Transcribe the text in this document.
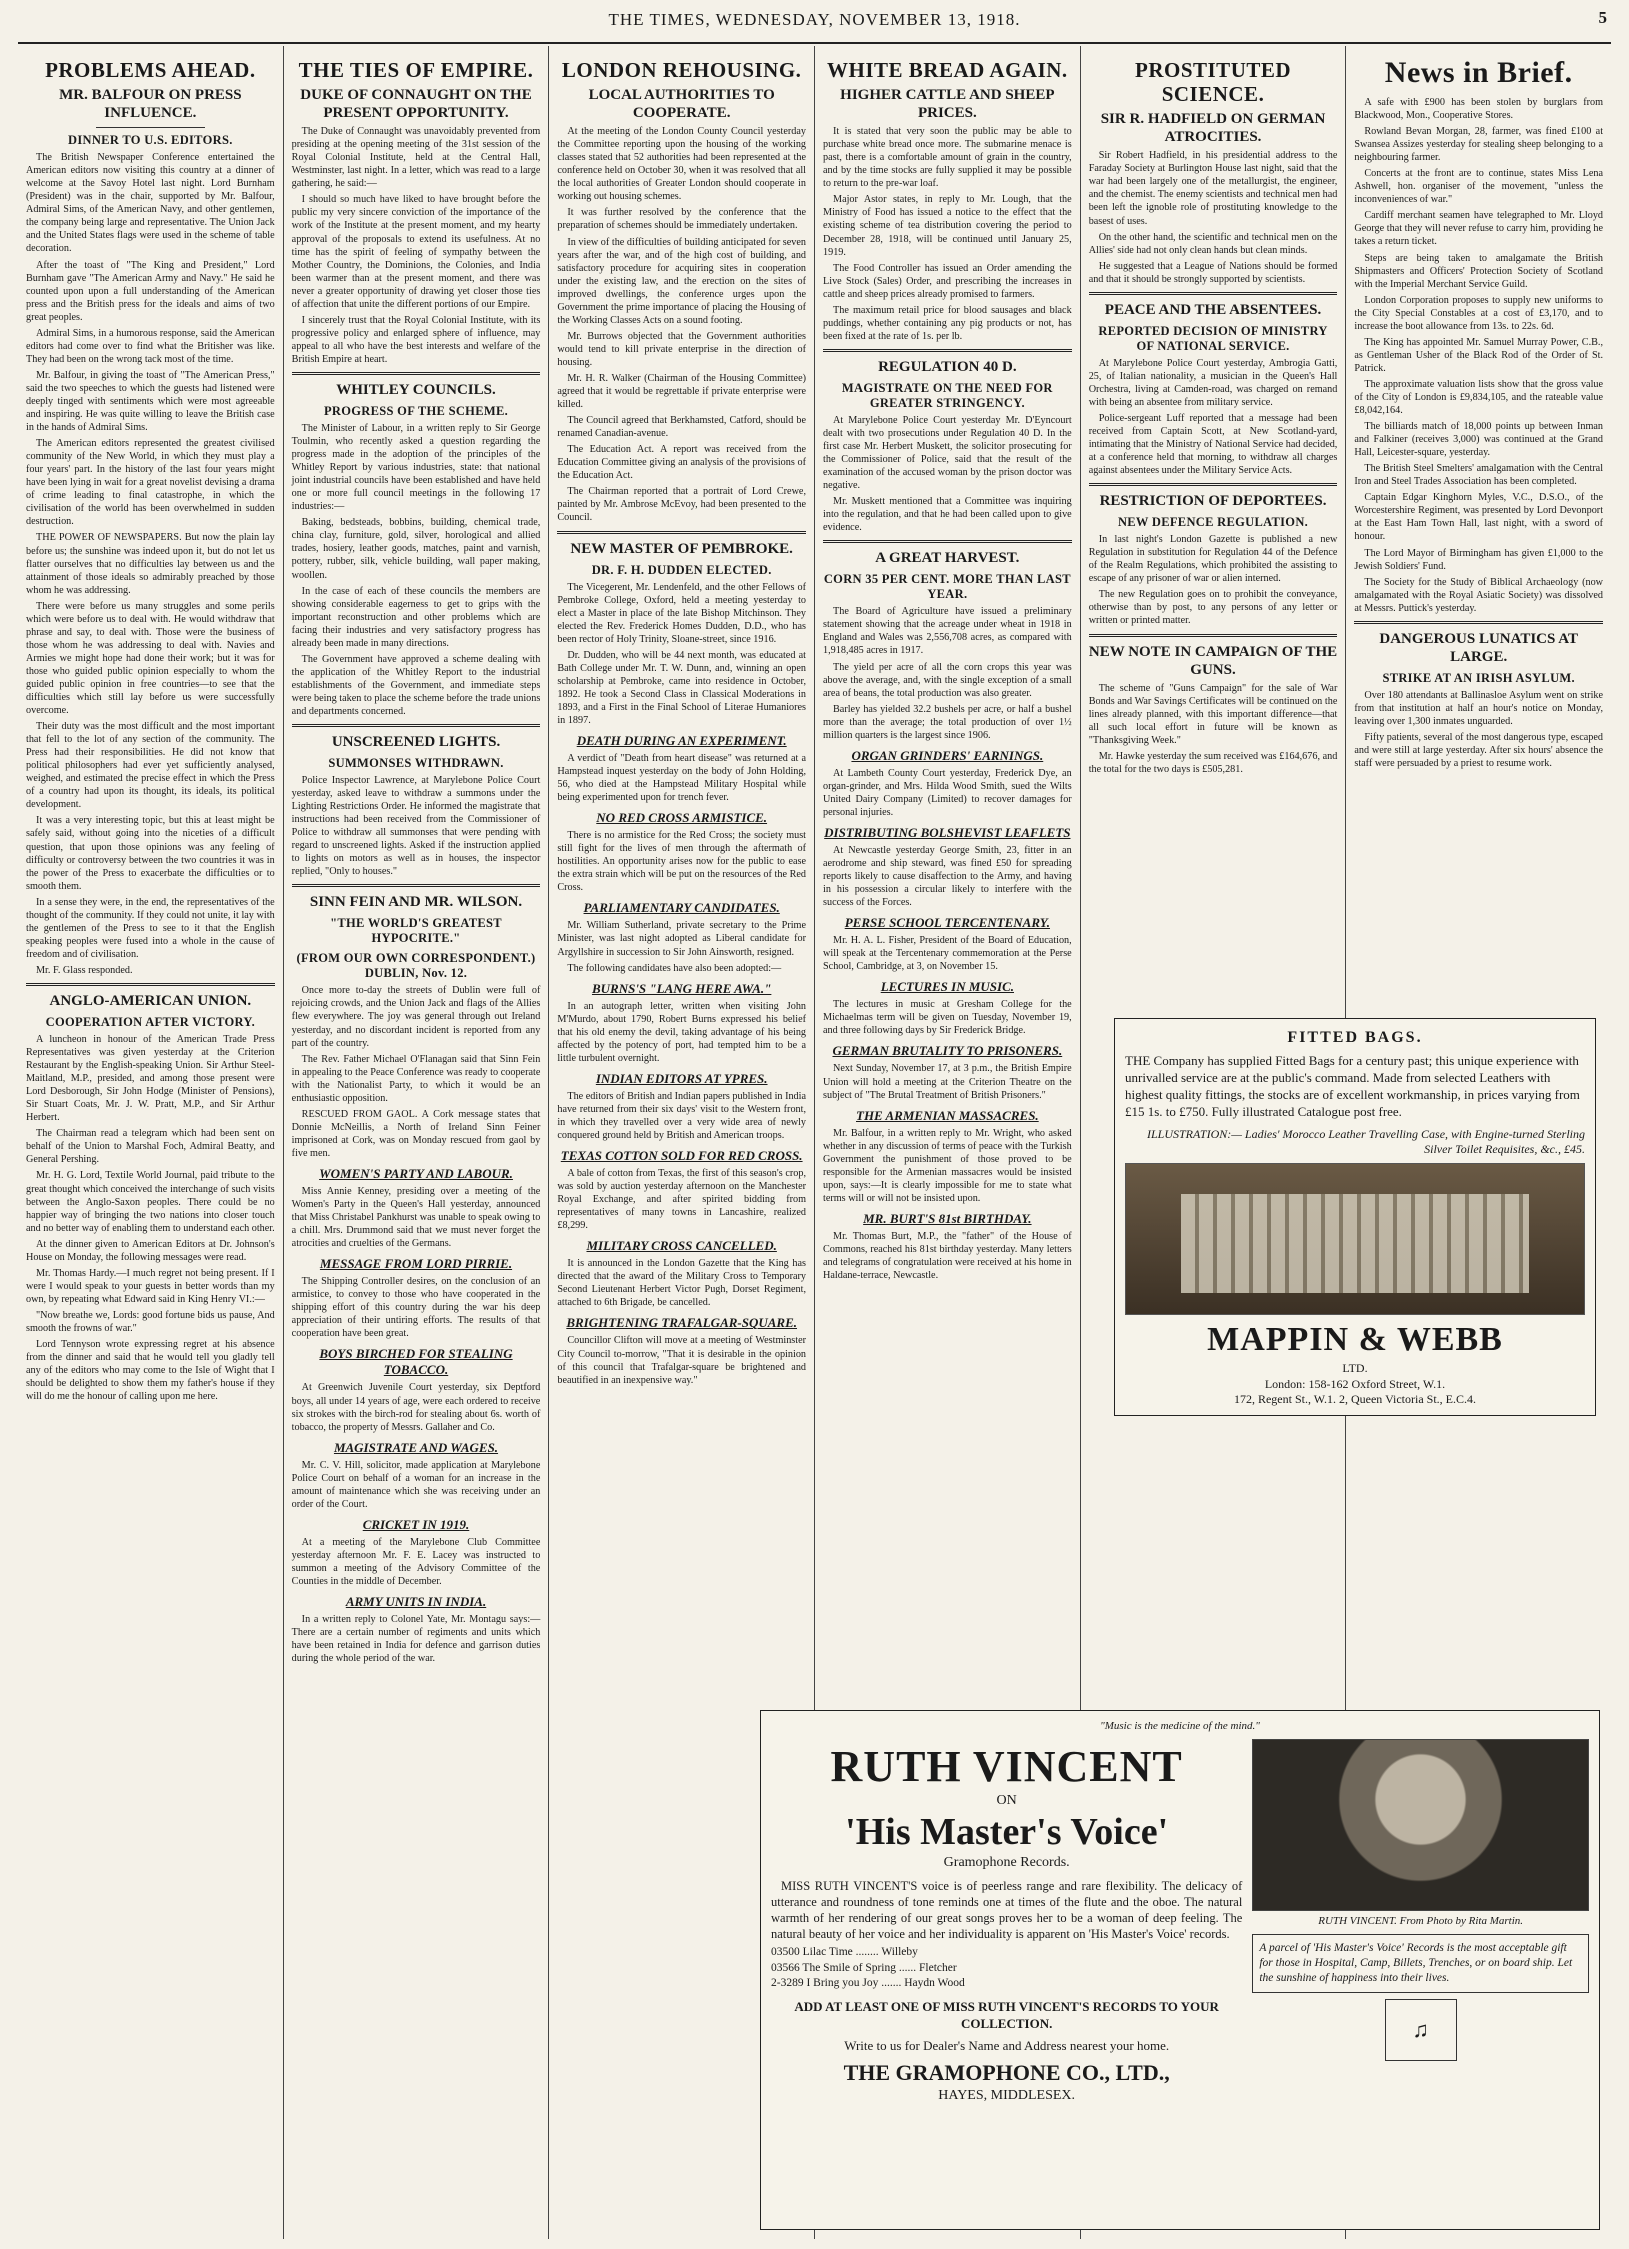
THE TIMES, WEDNESDAY, NOVEMBER 13, 1918.	5
PROBLEMS AHEAD.
MR. BALFOUR ON PRESS INFLUENCE.
DINNER TO U.S. EDITORS.

The British Newspaper Conference entertained the American editors now visiting this country at a dinner of welcome at the Savoy Hotel last night. Lord Burnham (President) was in the chair, supported by Mr. Balfour, Admiral Sims, of the American Navy, and other gentlemen, the company being large and representative. The Union Jack and the United States flags were used in the scheme of table decoration.

After the toast of "The King and President," Lord Burnham gave "The American Army and Navy." He said he counted upon upon a full understanding of the American press and the British press for the ideals and aims of two great peoples.

Admiral Sims, in a humorous response, said the American editors had come over to find what the Britisher was like. They had been on the wrong tack most of the time.

Mr. Balfour, in giving the toast of "The American Press," said the two speeches to which the guests had listened were deeply tinged with sentiments which were most agreeable and inspiring. He was quite willing to leave the British case in the hands of Admiral Sims.

The American editors represented the greatest civilised community of the New World, in which they must play a four years' part. In the history of the last four years might have been lying in wait for a great novelist devising a drama of crime leading to final catastrophe, in which the civilisation of the world has been overwhelmed in sudden destruction.

THE POWER OF NEWSPAPERS. But now the plain lay before us; the sunshine was indeed upon it, but do not let us flatter ourselves that no difficulties lay between us and the attainment of those ideals so admirably preached by those whom he was addressing.

There were before us many struggles and some perils which were before us to deal with. He would withdraw that phrase and say, to deal with. Those were the business of those whom he was addressing to deal with. Navies and Armies we might hope had done their work; but it was for those who guided public opinion especially to whom the guided public opinion in free countries—to see that the difficulties which still lay before us were successfully overcome.

Their duty was the most difficult and the most important that fell to the lot of any section of the community. The Press had their responsibilities. He did not know that political philosophers had ever yet sufficiently analysed, weighed, and estimated the precise effect in which the Press of a country had upon its thought, its ideals, its political development.

It was a very interesting topic, but this at least might be safely said, without going into the niceties of a difficult question, that upon those opinions was any feeling of difficulty or controversy between the two countries it was in the power of the Press to exacerbate the difficulties or to smooth them.

In a sense they were, in the end, the representatives of the thought of the community. If they could not unite, it lay with the gentlemen of the Press to see to it that the English speaking peoples were fused into a whole in the cause of freedom and of civilisation.

Mr. F. Glass responded.

ANGLO-AMERICAN UNION.
COOPERATION AFTER VICTORY.

A luncheon in honour of the American Trade Press Representatives was given yesterday at the Criterion Restaurant by the English-speaking Union. Sir Arthur Steel-Maitland, M.P., presided, and among those present were Lord Desborough, Sir John Hodge (Minister of Pensions), Sir Stuart Coats, Mr. J. W. Pratt, M.P., and Sir Arthur Herbert.

The Chairman read a telegram which had been sent on behalf of the Union to Marshal Foch, Admiral Beatty, and General Pershing.

Mr. H. G. Lord, Textile World Journal, paid tribute to the great thought which conceived the interchange of such visits between the Anglo-Saxon peoples. There could be no happier way of bringing the two nations into closer touch and no better way of enabling them to understand each other.

At the dinner given to American Editors at Dr. Johnson's House on Monday, the following messages were read.

Mr. Thomas Hardy.—I much regret not being present. If I were I would speak to your guests in better words than my own, by repeating what Edward said in King Henry VI.:—

"Now breathe we, Lords: good fortune bids us pause, And smooth the frowns of war."

Lord Tennyson wrote expressing regret at his absence from the dinner and said that he would tell you gladly tell any of the editors who may come to the Isle of Wight that I should be delighted to show them my father's house if they will do me the honour of calling upon me here.

THE TIES OF EMPIRE.
DUKE OF CONNAUGHT ON THE PRESENT OPPORTUNITY.

The Duke of Connaught was unavoidably prevented from presiding at the opening meeting of the 31st session of the Royal Colonial Institute, held at the Central Hall, Westminster, last night. In a letter, which was read to a large gathering, he said:—

I should so much have liked to have brought before the public my very sincere conviction of the importance of the work of the Institute at the present moment, and my hearty approval of the proposals to extend its usefulness. At no time has the spirit of feeling of sympathy between the Mother Country, the Dominions, the Colonies, and India been warmer than at the present moment, and there was never a greater opportunity of drawing yet closer those ties of affection that unite the different portions of our Empire.

I sincerely trust that the Royal Colonial Institute, with its progressive policy and enlarged sphere of influence, may appeal to all who have the best interests and welfare of the British Empire at heart.

WHITLEY COUNCILS.
PROGRESS OF THE SCHEME.

The Minister of Labour, in a written reply to Sir George Toulmin, who recently asked a question regarding the progress made in the adoption of the principles of the Whitley Report by various industries, state: that national joint industrial councils have been established and have held one or more full council meetings in the following 17 industries:—

Baking, bedsteads, bobbins, building, chemical trade, china clay, furniture, gold, silver, horological and allied trades, hosiery, leather goods, matches, paint and varnish, pottery, rubber, silk, vehicle building, wall paper making, woollen.

In the case of each of these councils the members are showing considerable eagerness to get to grips with the important reconstruction and other problems which are facing their industries and very satisfactory progress has already been made in many directions.

The Government have approved a scheme dealing with the application of the Whitley Report to the industrial establishments of the Government, and immediate steps were being taken to place the scheme before the trade unions and departments concerned.

UNSCREENED LIGHTS.
SUMMONSES WITHDRAWN.

Police Inspector Lawrence, at Marylebone Police Court yesterday, asked leave to withdraw a summons under the Lighting Restrictions Order. He informed the magistrate that instructions had been received from the Commissioner of Police to withdraw all summonses that were pending with regard to unscreened lights. Asked if the instruction applied to lights on motors as well as in houses, the inspector replied, "Only to houses."

SINN FEIN AND MR. WILSON.
"THE WORLD'S GREATEST HYPOCRITE."
(FROM OUR OWN CORRESPONDENT.) DUBLIN, Nov. 12.

Once more to-day the streets of Dublin were full of rejoicing crowds, and the Union Jack and flags of the Allies flew everywhere. The joy was general through out Ireland yesterday, and no discordant incident is reported from any part of the country.

The Rev. Father Michael O'Flanagan said that Sinn Fein in appealing to the Peace Conference was ready to cooperate with the Nationalist Party, to which it would be an enthusiastic opposition.

RESCUED FROM GAOL. A Cork message states that Donnie McNeillis, a North of Ireland Sinn Feiner imprisoned at Cork, was on Monday rescued from gaol by five men.

WOMEN'S PARTY AND LABOUR.

Miss Annie Kenney, presiding over a meeting of the Women's Party in the Queen's Hall yesterday, announced that Miss Christabel Pankhurst was unable to speak owing to a chill. Mrs. Drummond said that we must never forget the atrocities and cruelties of the Germans.

MESSAGE FROM LORD PIRRIE.

The Shipping Controller desires, on the conclusion of an armistice, to convey to those who have cooperated in the shipping effort of this country during the war his deep appreciation of their untiring efforts. The results of that cooperation have been great.

BOYS BIRCHED FOR STEALING TOBACCO.

At Greenwich Juvenile Court yesterday, six Deptford boys, all under 14 years of age, were each ordered to receive six strokes with the birch-rod for stealing about 6s. worth of tobacco, the property of Messrs. Gallaher and Co.

MAGISTRATE AND WAGES.

Mr. C. V. Hill, solicitor, made application at Marylebone Police Court on behalf of a woman for an increase in the amount of maintenance which she was receiving under an order of the Court.

CRICKET IN 1919.

At a meeting of the Marylebone Club Committee yesterday afternoon Mr. F. E. Lacey was instructed to summon a meeting of the Advisory Committee of the Counties in the middle of December.

ARMY UNITS IN INDIA.

In a written reply to Colonel Yate, Mr. Montagu says:—There are a certain number of regiments and units which have been retained in India for defence and garrison duties during the whole period of the war.

LONDON REHOUSING.
LOCAL AUTHORITIES TO COOPERATE.

At the meeting of the London County Council yesterday the Committee reporting upon the housing of the working classes stated that 52 authorities had been represented at the conference held on October 30, when it was resolved that all the local authorities of Greater London should cooperate in working out housing schemes.

It was further resolved by the conference that the preparation of schemes should be immediately undertaken.

In view of the difficulties of building anticipated for seven years after the war, and of the high cost of building, and satisfactory procedure for acquiring sites in cooperation under the existing law, and the erection on the sites of improved dwellings, the conference urges upon the Government the prime importance of placing the Housing of the Working Classes Acts on a sound footing.

Mr. Burrows objected that the Government authorities would tend to kill private enterprise in the direction of housing.

Mr. H. R. Walker (Chairman of the Housing Committee) agreed that it would be regrettable if private enterprise were killed.

The Council agreed that Berkhamsted, Catford, should be renamed Canadian-avenue.

The Education Act. A report was received from the Education Committee giving an analysis of the provisions of the Education Act.

The Chairman reported that a portrait of Lord Crewe, painted by Mr. Ambrose McEvoy, had been presented to the Council.

NEW MASTER OF PEMBROKE.
DR. F. H. DUDDEN ELECTED.

The Vicegerent, Mr. Lendenfeld, and the other Fellows of Pembroke College, Oxford, held a meeting yesterday to elect a Master in place of the late Bishop Mitchinson. They elected the Rev. Frederick Homes Dudden, D.D., who has been rector of Holy Trinity, Sloane-street, since 1916.

Dr. Dudden, who will be 44 next month, was educated at Bath College under Mr. T. W. Dunn, and, winning an open scholarship at Pembroke, came into residence in October, 1892. He took a Second Class in Classical Moderations in 1893, and a First in the Final School of Literae Humaniores in 1897.

DEATH DURING AN EXPERIMENT.

A verdict of "Death from heart disease" was returned at a Hampstead inquest yesterday on the body of John Holding, 56, who died at the Hampstead Military Hospital while being experimented upon for trench fever.

NO RED CROSS ARMISTICE.

There is no armistice for the Red Cross; the society must still fight for the lives of men through the aftermath of hostilities. An opportunity arises now for the public to ease the extra strain which will be put on the resources of the Red Cross.

PARLIAMENTARY CANDIDATES.

Mr. William Sutherland, private secretary to the Prime Minister, was last night adopted as Liberal candidate for Argyllshire in succession to Sir John Ainsworth, resigned.

The following candidates have also been adopted:—

BURNS'S "LANG HERE AWA."

In an autograph letter, written when visiting John M'Murdo, about 1790, Robert Burns expressed his belief that his old enemy the devil, taking advantage of his being affected by the potency of port, had tempted him to be a little turbulent overnight.

INDIAN EDITORS AT YPRES.

The editors of British and Indian papers published in India have returned from their six days' visit to the Western front, in which they travelled over a very wide area of newly conquered ground held by British and American troops.

TEXAS COTTON SOLD FOR RED CROSS.

A bale of cotton from Texas, the first of this season's crop, was sold by auction yesterday afternoon on the Manchester Royal Exchange, and after spirited bidding from representatives of many towns in Lancashire, realized £8,299.

MILITARY CROSS CANCELLED.

It is announced in the London Gazette that the King has directed that the award of the Military Cross to Temporary Second Lieutenant Herbert Victor Pugh, Dorset Regiment, attached to 6th Brigade, be cancelled.

BRIGHTENING TRAFALGAR-SQUARE.

Councillor Clifton will move at a meeting of Westminster City Council to-morrow, "That it is desirable in the opinion of this council that Trafalgar-square be brightened and beautified in an inexpensive way."

WHITE BREAD AGAIN.
HIGHER CATTLE AND SHEEP PRICES.

It is stated that very soon the public may be able to purchase white bread once more. The submarine menace is past, there is a comfortable amount of grain in the country, and by the time stocks are fully supplied it may be possible to return to the pre-war loaf.

Major Astor states, in reply to Mr. Lough, that the Ministry of Food has issued a notice to the effect that the existing scheme of tea distribution covering the period to December 28, 1918, will be continued until January 25, 1919.

The Food Controller has issued an Order amending the Live Stock (Sales) Order, and prescribing the increases in cattle and sheep prices already promised to farmers.

The maximum retail price for blood sausages and black puddings, whether containing any pig products or not, has been fixed at the rate of 1s. per lb.

REGULATION 40 D.
MAGISTRATE ON THE NEED FOR GREATER STRINGENCY.

At Marylebone Police Court yesterday Mr. D'Eyncourt dealt with two prosecutions under Regulation 40 D. In the first case Mr. Herbert Muskett, the solicitor prosecuting for the Commissioner of Police, said that the result of the examination of the accused woman by the prison doctor was negative.

Mr. Muskett mentioned that a Committee was inquiring into the regulation, and that he had been called upon to give evidence.

A GREAT HARVEST.
CORN 35 PER CENT. MORE THAN LAST YEAR.

The Board of Agriculture have issued a preliminary statement showing that the acreage under wheat in 1918 in England and Wales was 2,556,708 acres, as compared with 1,918,485 acres in 1917.

The yield per acre of all the corn crops this year was above the average, and, with the single exception of a small area of beans, the total production was also greater.

Barley has yielded 32.2 bushels per acre, or half a bushel more than the average; the total production of over 1½ million quarters is the largest since 1906.

ORGAN GRINDERS' EARNINGS.

At Lambeth County Court yesterday, Frederick Dye, an organ-grinder, and Mrs. Hilda Wood Smith, sued the Wilts United Dairy Company (Limited) to recover damages for personal injuries.

DISTRIBUTING BOLSHEVIST LEAFLETS

At Newcastle yesterday George Smith, 23, fitter in an aerodrome and ship steward, was fined £50 for spreading reports likely to cause disaffection to the Army, and having in his possession a circular likely to interfere with the success of the Forces.

PERSE SCHOOL TERCENTENARY.

Mr. H. A. L. Fisher, President of the Board of Education, will speak at the Tercentenary commemoration at the Perse School, Cambridge, at 3, on November 15.

LECTURES IN MUSIC.

The lectures in music at Gresham College for the Michaelmas term will be given on Tuesday, November 19, and three following days by Sir Frederick Bridge.

GERMAN BRUTALITY TO PRISONERS.

Next Sunday, November 17, at 3 p.m., the British Empire Union will hold a meeting at the Criterion Theatre on the subject of "The Brutal Treatment of British Prisoners."

THE ARMENIAN MASSACRES.

Mr. Balfour, in a written reply to Mr. Wright, who asked whether in any discussion of terms of peace with the Turkish Government the punishment of those proved to be responsible for the Armenian massacres would be insisted upon, says:—It is clearly impossible for me to state what terms will or will not be insisted upon.

MR. BURT'S 81st BIRTHDAY.

Mr. Thomas Burt, M.P., the "father" of the House of Commons, reached his 81st birthday yesterday. Many letters and telegrams of congratulation were received at his home in Haldane-terrace, Newcastle.

PROSTITUTED SCIENCE.
SIR R. HADFIELD ON GERMAN ATROCITIES.

Sir Robert Hadfield, in his presidential address to the Faraday Society at Burlington House last night, said that the war had been largely one of the metallurgist, the engineer, and the chemist. The enemy scientists and technical men had been left the ignoble role of prostituting knowledge to the basest of uses.

On the other hand, the scientific and technical men on the Allies' side had not only clean hands but clean minds.

He suggested that a League of Nations should be formed and that it should be strongly supported by scientists.

PEACE AND THE ABSENTEES.
REPORTED DECISION OF MINISTRY OF NATIONAL SERVICE.

At Marylebone Police Court yesterday, Ambrogia Gatti, 25, of Italian nationality, a musician in the Queen's Hall Orchestra, living at Camden-road, was charged on remand with being an absentee from military service.

Police-sergeant Luff reported that a message had been received from Captain Scott, at New Scotland-yard, intimating that the Ministry of National Service had decided, at a conference held that morning, to withdraw all charges against absentees under the Military Service Acts.

RESTRICTION OF DEPORTEES.
NEW DEFENCE REGULATION.

In last night's London Gazette is published a new Regulation in substitution for Regulation 44 of the Defence of the Realm Regulations, which prohibited the assisting to escape of any prisoner of war or alien interned.

The new Regulation goes on to prohibit the conveyance, otherwise than by post, to any persons of any letter or written or printed matter.

NEW NOTE IN CAMPAIGN OF THE GUNS.

The scheme of "Guns Campaign" for the sale of War Bonds and War Savings Certificates will be continued on the lines already planned, with this important difference—that all such local effort in future will be known as "Thanksgiving Week."

Mr. Hawke yesterday the sum received was £164,676, and the total for the two days is £505,281.

News in Brief.

A safe with £900 has been stolen by burglars from Blackwood, Mon., Cooperative Stores.

Rowland Bevan Morgan, 28, farmer, was fined £100 at Swansea Assizes yesterday for stealing sheep belonging to a neighbouring farmer.

Concerts at the front are to continue, states Miss Lena Ashwell, hon. organiser of the movement, "unless the inconveniences of war."

Cardiff merchant seamen have telegraphed to Mr. Lloyd George that they will never refuse to carry him, providing he takes a return ticket.

Steps are being taken to amalgamate the British Shipmasters and Officers' Protection Society of Scotland with the Imperial Merchant Service Guild.

London Corporation proposes to supply new uniforms to the City Special Constables at a cost of £3,170, and to increase the boot allowance from 13s. to 22s. 6d.

The King has appointed Mr. Samuel Murray Power, C.B., as Gentleman Usher of the Black Rod of the Order of St. Patrick.

The approximate valuation lists show that the gross value of the City of London is £9,834,105, and the rateable value £8,042,164.

The billiards match of 18,000 points up between Inman and Falkiner (receives 3,000) was continued at the Grand Hall, Leicester-square, yesterday.

The British Steel Smelters' amalgamation with the Central Iron and Steel Trades Association has been completed.

Captain Edgar Kinghorn Myles, V.C., D.S.O., of the Worcestershire Regiment, was presented by Lord Devonport at the East Ham Town Hall, last night, with a sword of honour.

The Lord Mayor of Birmingham has given £1,000 to the Jewish Soldiers' Fund.

The Society for the Study of Biblical Archaeology (now amalgamated with the Royal Asiatic Society) was dissolved at Messrs. Puttick's yesterday.

DANGEROUS LUNATICS AT LARGE.
STRIKE AT AN IRISH ASYLUM.

Over 180 attendants at Ballinasloe Asylum went on strike from that institution at half an hour's notice on Monday, leaving over 1,300 inmates unguarded.

Fifty patients, several of the most dangerous type, escaped and were still at large yesterday. After six hours' absence the staff were persuaded by a priest to resume work.

FITTED BAGS.

THE Company has supplied Fitted Bags for a century past; this unique experience with unrivalled service are at the public's command. Made from selected Leathers with highest quality fittings, the stocks are of excellent workmanship, in prices varying from £15 1s. to £750. Fully illustrated Catalogue post free.

ILLUSTRATION:— Ladies' Morocco Leather Travelling Case, with Engine-turned Sterling Silver Toilet Requisites, &c., £45.

MAPPIN & WEBB

LTD.

London: 158-162 Oxford Street, W.1.

172, Regent St., W.1. 2, Queen Victoria St., E.C.4.

"Music is the medicine of the mind."

RUTH VINCENT

ON

'His Master's Voice'

Gramophone Records.

MISS RUTH VINCENT'S voice is of peerless range and rare flexibility. The delicacy of utterance and roundness of tone reminds one at times of the flute and the oboe. The natural warmth of her rendering of our great songs proves her to be a woman of deep feeling. The natural beauty of her voice and her individuality is apparent on 'His Master's Voice' records.

03500 Lilac Time ........ Willeby

03566 The Smile of Spring ...... Fletcher

2-3289 I Bring you Joy ....... Haydn Wood

ADD AT LEAST ONE OF MISS RUTH VINCENT'S RECORDS TO YOUR COLLECTION.

Write to us for Dealer's Name and Address nearest your home.

THE GRAMOPHONE CO., LTD.,

HAYES, MIDDLESEX.

RUTH VINCENT. From Photo by Rita Martin.

A parcel of 'His Master's Voice' Records is the most acceptable gift for those in Hospital, Camp, Billets, Trenches, or on board ship. Let the sunshine of happiness into their lives.
♫
